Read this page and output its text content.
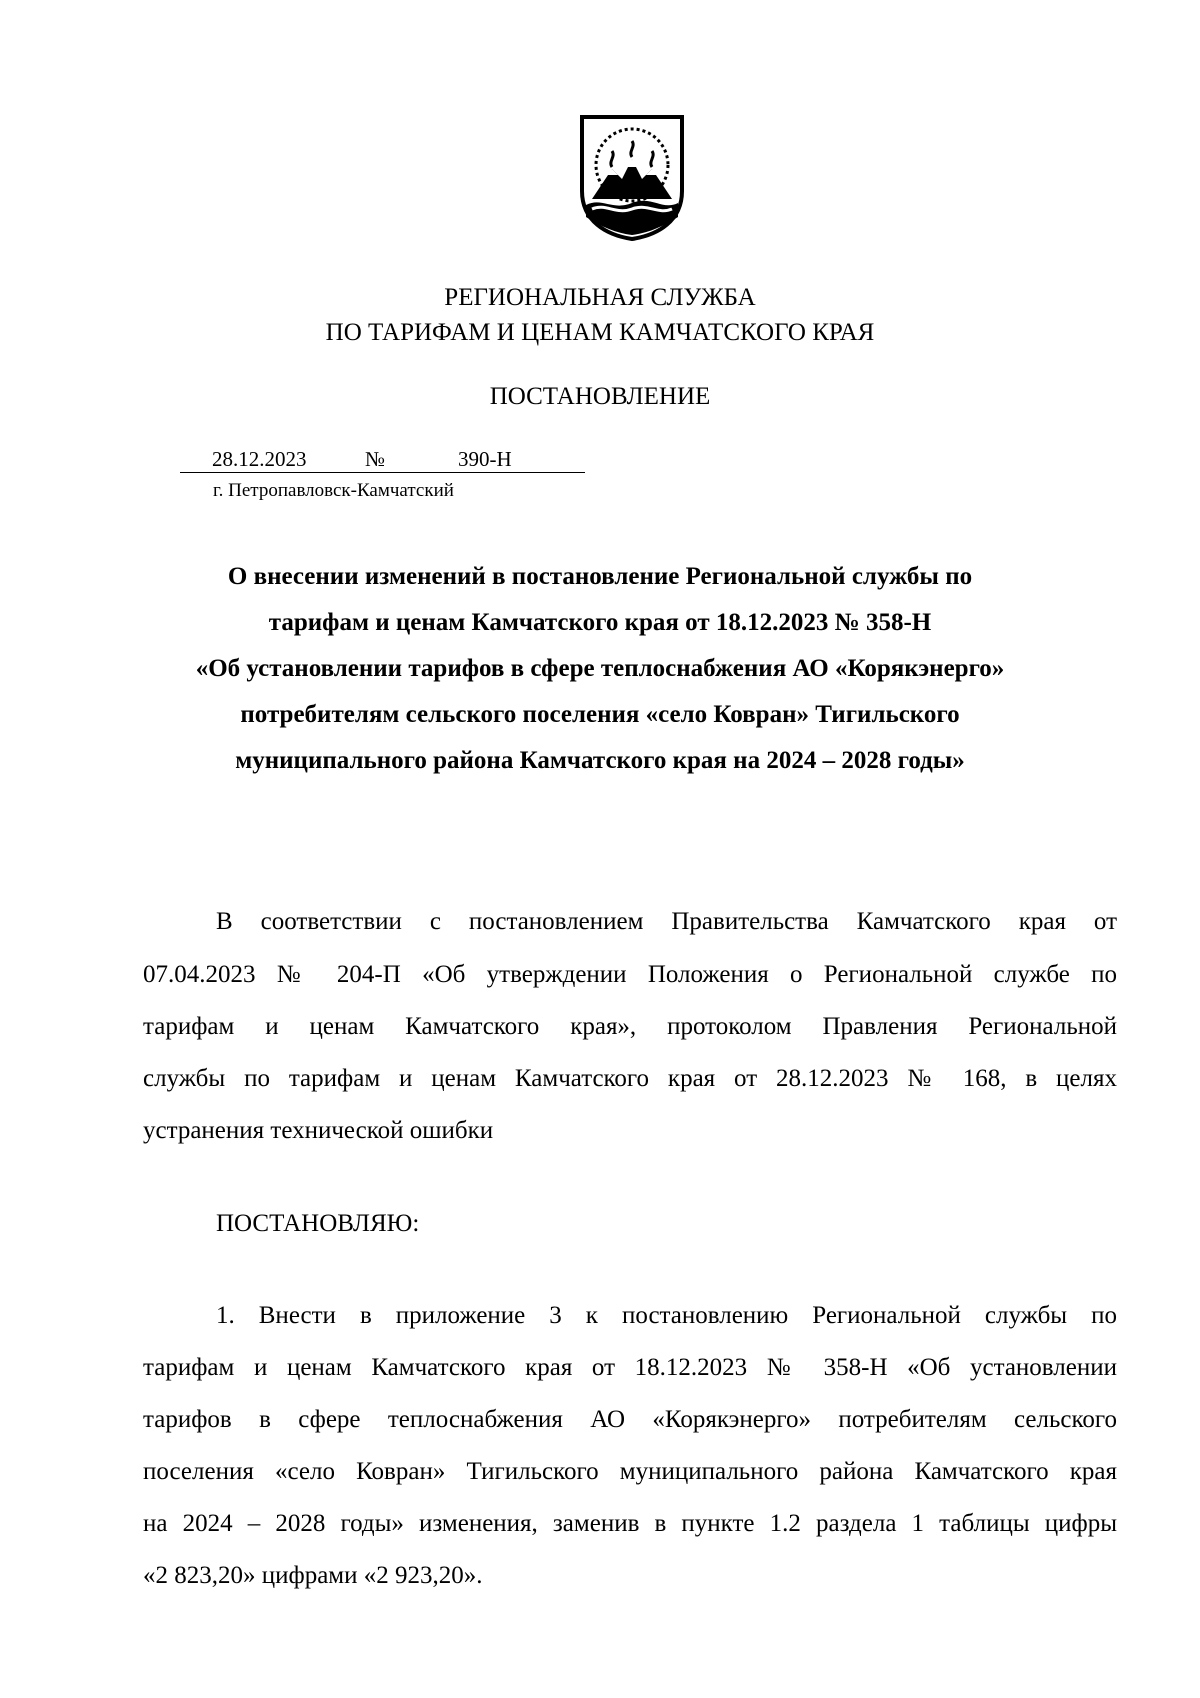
РЕГИОНАЛЬНАЯ СЛУЖБА
ПО ТАРИФАМ И ЦЕНАМ КАМЧАТСКОГО КРАЯ
ПОСТАНОВЛЕНИЕ
28.12.2023	№	390-Н
г. Петропавловск-Камчатский
О внесении изменений в постановление Региональной службы по
тарифам и ценам Камчатского края от 18.12.2023 № 358-Н
«Об установлении тарифов в сфере теплоснабжения АО «Корякэнерго»
потребителям сельского поселения «село Ковран» Тигильского
муниципального района Камчатского края на 2024 – 2028 годы»
В соответствии с постановлением Правительства Камчатского края от
07.04.2023 № 204-П «Об утверждении Положения о Региональной службе по
тарифам и ценам Камчатского края», протоколом Правления Региональной
службы по тарифам и ценам Камчатского края от 28.12.2023 № 168, в целях
устранения технической ошибки
ПОСТАНОВЛЯЮ:
1. Внести в приложение 3 к постановлению Региональной службы по
тарифам и ценам Камчатского края от 18.12.2023 № 358-Н «Об установлении
тарифов в сфере теплоснабжения АО «Корякэнерго» потребителям сельского
поселения «село Ковран» Тигильского муниципального района Камчатского края
на 2024 – 2028 годы» изменения, заменив в пункте 1.2 раздела 1 таблицы цифры
«2 823,20» цифрами «2 923,20».
